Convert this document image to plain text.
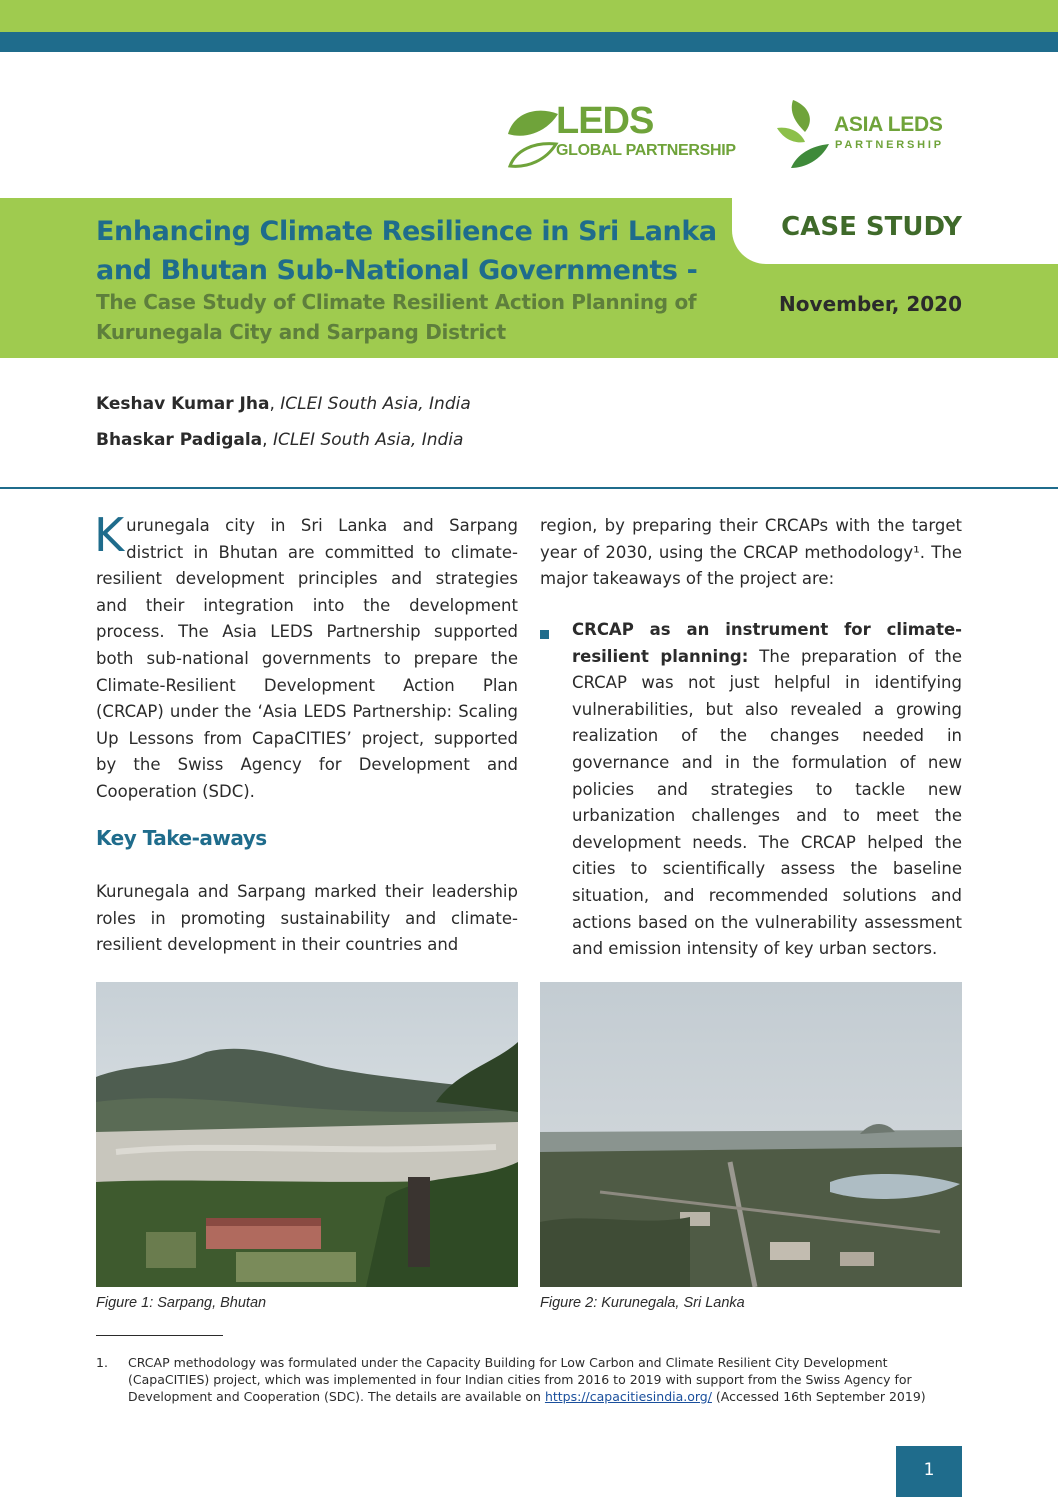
LEDS
GLOBAL PARTNERSHIP
ASIA LEDS
PARTNERSHIP
Enhancing Climate Resilience in Sri Lanka and Bhutan Sub-National Governments -
The Case Study of Climate Resilient Action Planning of Kurunegala City and Sarpang District
CASE STUDY
November, 2020
Keshav Kumar Jha, ICLEI South Asia, India
Bhaskar Padigala, ICLEI South Asia, India
Kurunegala city in Sri Lanka and Sarpang district in Bhutan are committed to climate-resilient development principles and strategies and their integration into the development process. The Asia LEDS Partnership supported both sub-national governments to prepare the Climate-Resilient Development Action Plan (CRCAP) under the ‘Asia LEDS Partnership: Scaling Up Lessons from CapaCITIES’ project, supported by the Swiss Agency for Development and Cooperation (SDC).
Key Take-aways
Kurunegala and Sarpang marked their leadership roles in promoting sustainability and climate-resilient development in their countries and
region, by preparing their CRCAPs with the target year of 2030, using the CRCAP methodology¹. The major takeaways of the project are:
CRCAP as an instrument for climate-resilient planning: The preparation of the CRCAP was not just helpful in identifying vulnerabilities, but also revealed a growing realization of the changes needed in governance and in the formulation of new policies and strategies to tackle new urbanization challenges and to meet the development needs. The CRCAP helped the cities to scientifically assess the baseline situation, and recommended solutions and actions based on the vulnerability assessment and emission intensity of key urban sectors.
Figure 1: Sarpang, Bhutan	Figure 2: Kurunegala, Sri Lanka
1. CRCAP methodology was formulated under the Capacity Building for Low Carbon and Climate Resilient City Development (CapaCITIES) project, which was implemented in four Indian cities from 2016 to 2019 with support from the Swiss Agency for Development and Cooperation (SDC). The details are available on https://capacitiesindia.org/ (Accessed 16th September 2019)
1
